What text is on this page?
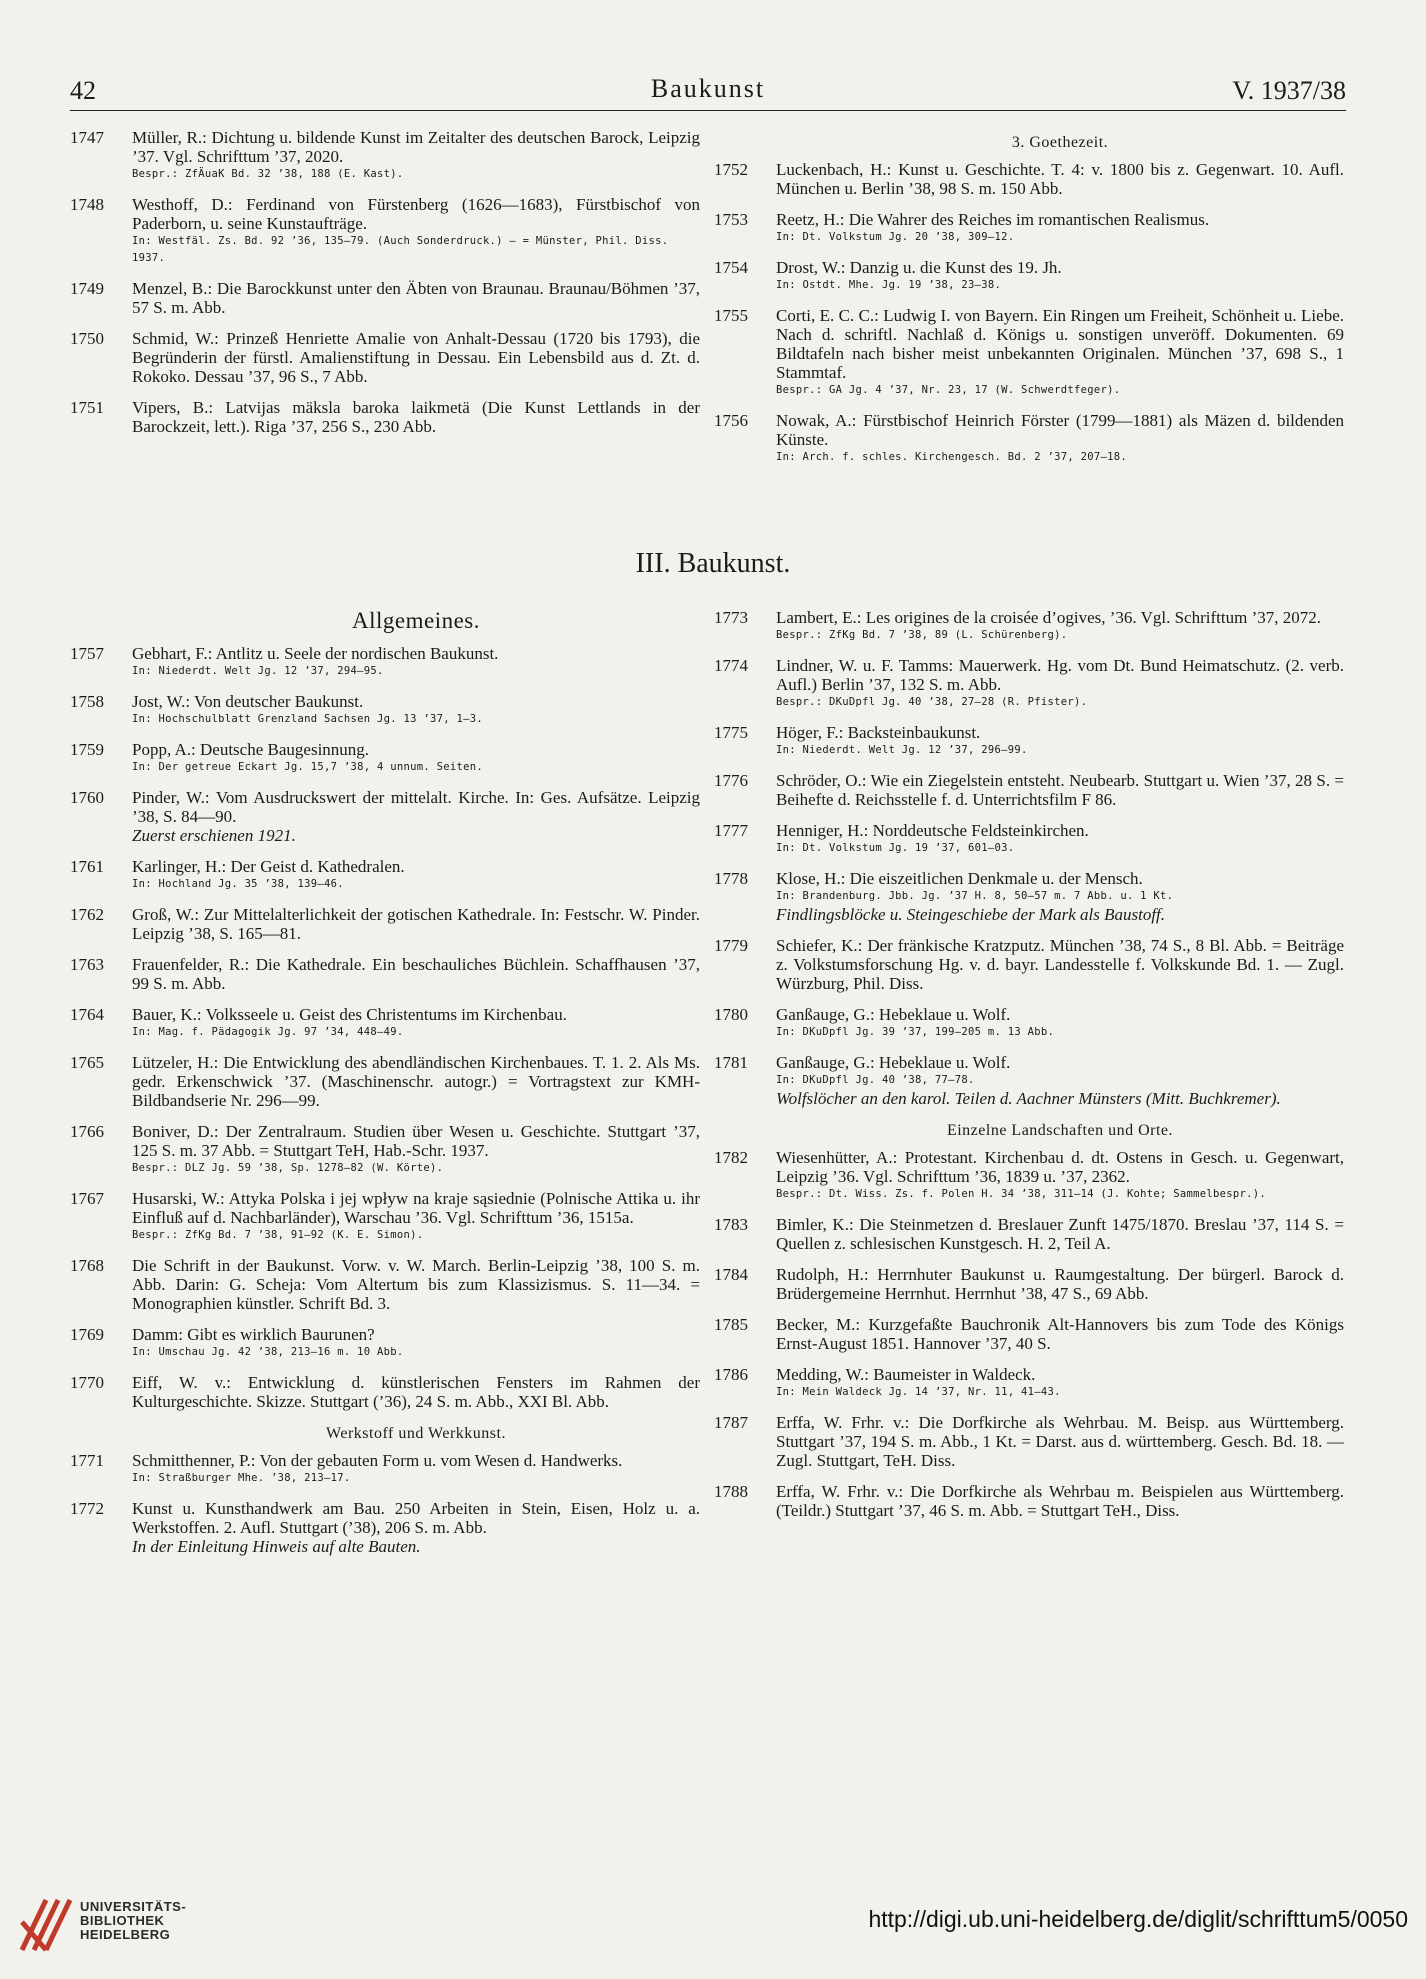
42	Baukunst	V. 1937/38
1747 Müller, R.: Dichtung u. bildende Kunst im Zeitalter des deutschen Barock, Leipzig ’37. Vgl. Schrifttum ’37, 2020.
Bespr.: ZfÄuaK Bd. 32 ’38, 188 (E. Kast).
1748 Westhoff, D.: Ferdinand von Fürstenberg (1626—1683), Fürstbischof von Paderborn, u. seine Kunstaufträge.
In: Westfäl. Zs. Bd. 92 ’36, 135—79. (Auch Sonderdruck.) — = Münster, Phil. Diss. 1937.
1749 Menzel, B.: Die Barockkunst unter den Äbten von Braunau. Braunau/Böhmen ’37, 57 S. m. Abb.
1750 Schmid, W.: Prinzeß Henriette Amalie von Anhalt-Dessau (1720 bis 1793), die Begründerin der fürstl. Amalienstiftung in Dessau. Ein Lebensbild aus d. Zt. d. Rokoko. Dessau ’37, 96 S., 7 Abb.
1751 Vipers, B.: Latvijas mäksla baroka laikmetä (Die Kunst Lettlands in der Barockzeit, lett.). Riga ’37, 256 S., 230 Abb.
3. Goethezeit.
1752 Luckenbach, H.: Kunst u. Geschichte. T. 4: v. 1800 bis z. Gegenwart. 10. Aufl. München u. Berlin ’38, 98 S. m. 150 Abb.
1753 Reetz, H.: Die Wahrer des Reiches im romantischen Realismus.
In: Dt. Volkstum Jg. 20 ’38, 309—12.
1754 Drost, W.: Danzig u. die Kunst des 19. Jh.
In: Ostdt. Mhe. Jg. 19 ’38, 23—38.
1755 Corti, E. C. C.: Ludwig I. von Bayern. Ein Ringen um Freiheit, Schönheit u. Liebe. Nach d. schriftl. Nachlaß d. Königs u. sonstigen unveröff. Dokumenten. 69 Bildtafeln nach bisher meist unbekannten Originalen. München ’37, 698 S., 1 Stammtaf.
Bespr.: GA Jg. 4 ’37, Nr. 23, 17 (W. Schwerdtfeger).
1756 Nowak, A.: Fürstbischof Heinrich Förster (1799—1881) als Mäzen d. bildenden Künste.
In: Arch. f. schles. Kirchengesch. Bd. 2 ’37, 207—18.
III. Baukunst.
Allgemeines.
1757 Gebhart, F.: Antlitz u. Seele der nordischen Baukunst.
In: Niederdt. Welt Jg. 12 ’37, 294—95.
1758 Jost, W.: Von deutscher Baukunst.
In: Hochschulblatt Grenzland Sachsen Jg. 13 ’37, 1—3.
1759 Popp, A.: Deutsche Baugesinnung.
In: Der getreue Eckart Jg. 15,7 ’38, 4 unnum. Seiten.
1760 Pinder, W.: Vom Ausdruckswert der mittelalt. Kirche. In: Ges. Aufsätze. Leipzig ’38, S. 84—90.
Zuerst erschienen 1921.
1761 Karlinger, H.: Der Geist d. Kathedralen.
In: Hochland Jg. 35 ’38, 139—46.
1762 Groß, W.: Zur Mittelalterlichkeit der gotischen Kathedrale. In: Festschr. W. Pinder. Leipzig ’38, S. 165—81.
1763 Frauenfelder, R.: Die Kathedrale. Ein beschauliches Büchlein. Schaffhausen ’37, 99 S. m. Abb.
1764 Bauer, K.: Volksseele u. Geist des Christentums im Kirchenbau.
In: Mag. f. Pädagogik Jg. 97 ’34, 448—49.
1765 Lützeler, H.: Die Entwicklung des abendländischen Kirchenbaues. T. 1. 2. Als Ms. gedr. Erkenschwick ’37. (Maschinenschr. autogr.) = Vortragstext zur KMH-Bildbandserie Nr. 296—99.
1766 Boniver, D.: Der Zentralraum. Studien über Wesen u. Geschichte. Stuttgart ’37, 125 S. m. 37 Abb. = Stuttgart TeH, Hab.-Schr. 1937.
Bespr.: DLZ Jg. 59 ’38, Sp. 1278—82 (W. Körte).
1767 Husarski, W.: Attyka Polska i jej wpływ na kraje sąsiednie (Polnische Attika u. ihr Einfluß auf d. Nachbarländer), Warschau ’36. Vgl. Schrifttum ’36, 1515a.
Bespr.: ZfKg Bd. 7 ’38, 91—92 (K. E. Simon).
1768 Die Schrift in der Baukunst. Vorw. v. W. March. Berlin-Leipzig ’38, 100 S. m. Abb. Darin: G. Scheja: Vom Altertum bis zum Klassizismus. S. 11—34. = Monographien künstler. Schrift Bd. 3.
1769 Damm: Gibt es wirklich Baurunen?
In: Umschau Jg. 42 ’38, 213—16 m. 10 Abb.
1770 Eiff, W. v.: Entwicklung d. künstlerischen Fensters im Rahmen der Kulturgeschichte. Skizze. Stuttgart (’36), 24 S. m. Abb., XXI Bl. Abb.
Werkstoff und Werkkunst.
1771 Schmitthenner, P.: Von der gebauten Form u. vom Wesen d. Handwerks.
In: Straßburger Mhe. ’38, 213—17.
1772 Kunst u. Kunsthandwerk am Bau. 250 Arbeiten in Stein, Eisen, Holz u. a. Werkstoffen. 2. Aufl. Stuttgart (’38), 206 S. m. Abb.
In der Einleitung Hinweis auf alte Bauten.
1773 Lambert, E.: Les origines de la croisée d’ogives, ’36. Vgl. Schrifttum ’37, 2072.
Bespr.: ZfKg Bd. 7 ’38, 89 (L. Schürenberg).
1774 Lindner, W. u. F. Tamms: Mauerwerk. Hg. vom Dt. Bund Heimatschutz. (2. verb. Aufl.) Berlin ’37, 132 S. m. Abb.
Bespr.: DKuDpfl Jg. 40 ’38, 27—28 (R. Pfister).
1775 Höger, F.: Backsteinbaukunst.
In: Niederdt. Welt Jg. 12 ’37, 296—99.
1776 Schröder, O.: Wie ein Ziegelstein entsteht. Neubearb. Stuttgart u. Wien ’37, 28 S. = Beihefte d. Reichsstelle f. d. Unterrichtsfilm F 86.
1777 Henniger, H.: Norddeutsche Feldsteinkirchen.
In: Dt. Volkstum Jg. 19 ’37, 601—03.
1778 Klose, H.: Die eiszeitlichen Denkmale u. der Mensch.
In: Brandenburg. Jbb. Jg. ’37 H. 8, 50—57 m. 7 Abb. u. 1 Kt.
Findlingsblöcke u. Steingeschiebe der Mark als Baustoff.
1779 Schiefer, K.: Der fränkische Kratzputz. München ’38, 74 S., 8 Bl. Abb. = Beiträge z. Volkstumsforschung Hg. v. d. bayr. Landesstelle f. Volkskunde Bd. 1. — Zugl. Würzburg, Phil. Diss.
1780 Ganßauge, G.: Hebeklaue u. Wolf.
In: DKuDpfl Jg. 39 ’37, 199—205 m. 13 Abb.
1781 Ganßauge, G.: Hebeklaue u. Wolf.
In: DKuDpfl Jg. 40 ’38, 77—78.
Wolfslöcher an den karol. Teilen d. Aachner Münsters (Mitt. Buchkremer).
Einzelne Landschaften und Orte.
1782 Wiesenhütter, A.: Protestant. Kirchenbau d. dt. Ostens in Gesch. u. Gegenwart, Leipzig ’36. Vgl. Schrifttum ’36, 1839 u. ’37, 2362.
Bespr.: Dt. Wiss. Zs. f. Polen H. 34 ’38, 311—14 (J. Kohte; Sammelbespr.).
1783 Bimler, K.: Die Steinmetzen d. Breslauer Zunft 1475/1870. Breslau ’37, 114 S. = Quellen z. schlesischen Kunstgesch. H. 2, Teil A.
1784 Rudolph, H.: Herrnhuter Baukunst u. Raumgestaltung. Der bürgerl. Barock d. Brüdergemeine Herrnhut. Herrnhut ’38, 47 S., 69 Abb.
1785 Becker, M.: Kurzgefaßte Bauchronik Alt-Hannovers bis zum Tode des Königs Ernst-August 1851. Hannover ’37, 40 S.
1786 Medding, W.: Baumeister in Waldeck.
In: Mein Waldeck Jg. 14 ’37, Nr. 11, 41—43.
1787 Erffa, W. Frhr. v.: Die Dorfkirche als Wehrbau. M. Beisp. aus Württemberg. Stuttgart ’37, 194 S. m. Abb., 1 Kt. = Darst. aus d. württemberg. Gesch. Bd. 18. — Zugl. Stuttgart, TeH. Diss.
1788 Erffa, W. Frhr. v.: Die Dorfkirche als Wehrbau m. Beispielen aus Württemberg. (Teildr.) Stuttgart ’37, 46 S. m. Abb. = Stuttgart TeH., Diss.
UNIVERSITÄTS-
BIBLIOTHEK
HEIDELBERG
http://digi.ub.uni-heidelberg.de/diglit/schrifttum5/0050
